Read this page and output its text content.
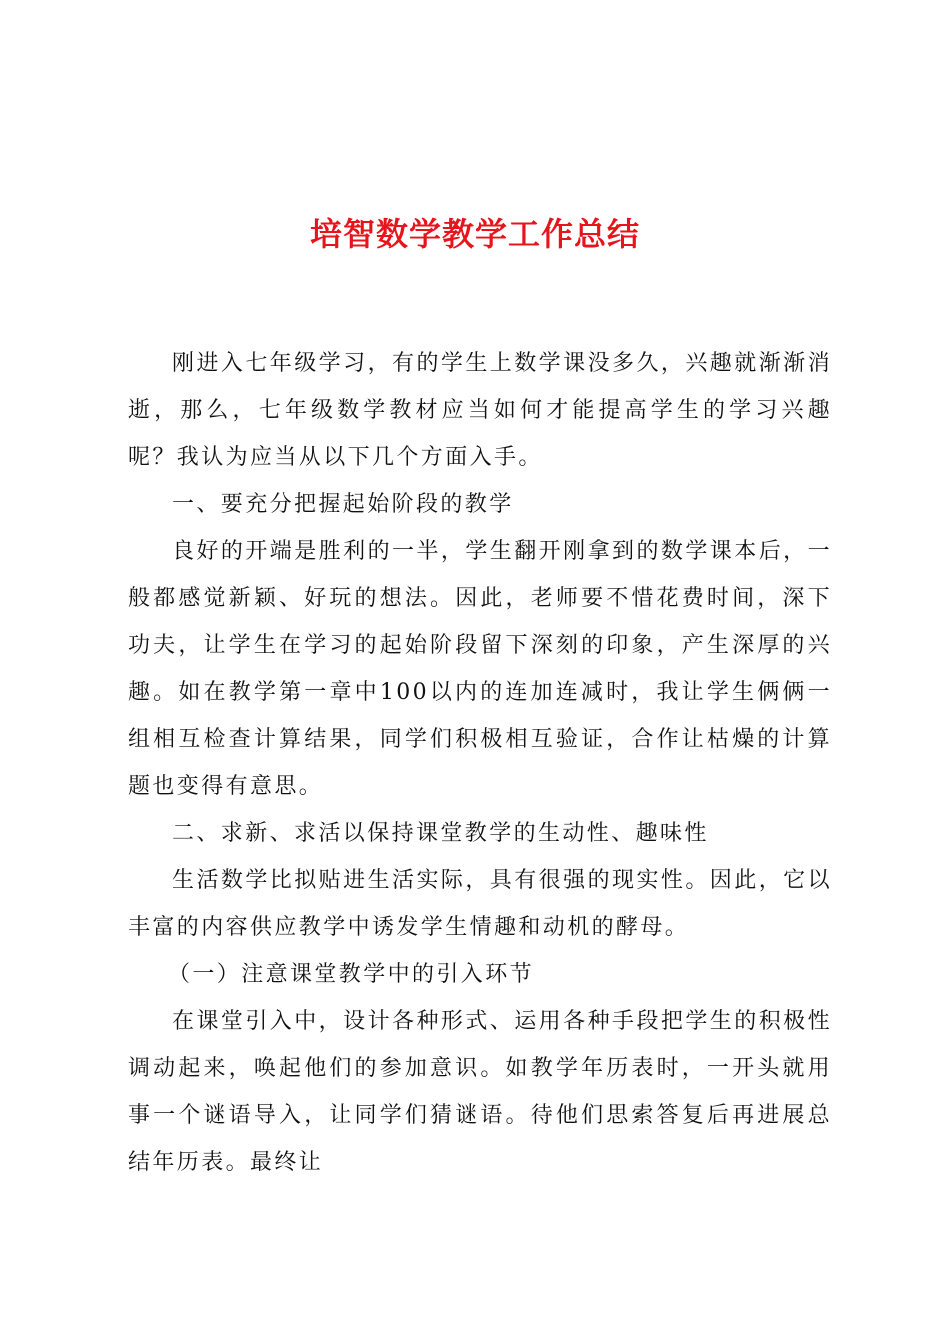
培智数学教学工作总结

刚进入七年级学习，有的学生上数学课没多久，兴趣就渐渐消逝，那么，七年级数学教材应当如何才能提高学生的学习兴趣呢？我认为应当从以下几个方面入手。

一、要充分把握起始阶段的教学

良好的开端是胜利的一半，学生翻开刚拿到的数学课本后，一般都感觉新颖、好玩的想法。因此，老师要不惜花费时间，深下功夫，让学生在学习的起始阶段留下深刻的印象，产生深厚的兴趣。如在教学第一章中100以内的连加连减时，我让学生俩俩一组相互检查计算结果，同学们积极相互验证，合作让枯燥的计算题也变得有意思。

二、求新、求活以保持课堂教学的生动性、趣味性

生活数学比拟贴进生活实际，具有很强的现实性。因此，它以丰富的内容供应教学中诱发学生情趣和动机的酵母。

（一）注意课堂教学中的引入环节

在课堂引入中，设计各种形式、运用各种手段把学生的积极性调动起来，唤起他们的参加意识。如教学年历表时，一开头就用事一个谜语导入，让同学们猜谜语。待他们思索答复后再进展总结年历表。最终让
